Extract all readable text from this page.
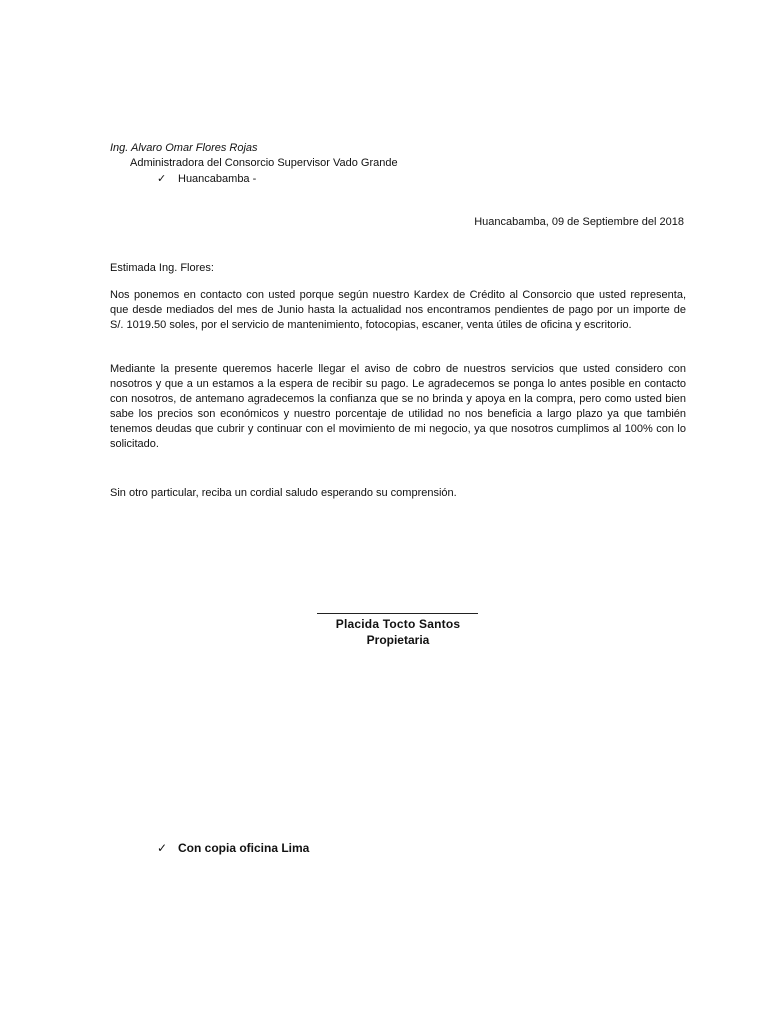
Ing. Alvaro Omar Flores Rojas
Administradora del Consorcio Supervisor Vado Grande
✓ Huancabamba -
Huancabamba, 09 de Septiembre del 2018
Estimada Ing. Flores:
Nos ponemos en contacto con usted porque según nuestro Kardex de Crédito al Consorcio que usted representa, que desde mediados del mes de Junio hasta la actualidad nos encontramos pendientes de pago por un importe de S/. 1019.50 soles, por el servicio de mantenimiento, fotocopias, escaner, venta útiles de oficina y escritorio.
Mediante la presente queremos hacerle llegar el aviso de cobro de nuestros servicios que usted considero con nosotros y que a un estamos a la espera de recibir su pago. Le agradecemos se ponga lo antes posible en contacto con nosotros, de antemano agradecemos la confianza que se no brinda y apoya en la compra, pero como usted bien sabe los precios son económicos y nuestro porcentaje de utilidad no nos beneficia a largo plazo ya que también tenemos deudas que cubrir y continuar con el movimiento de mi negocio, ya que nosotros cumplimos al 100% con lo solicitado.
Sin otro particular, reciba un cordial saludo esperando su comprensión.
Placida Tocto Santos
Propietaria
✓ Con copia oficina Lima
